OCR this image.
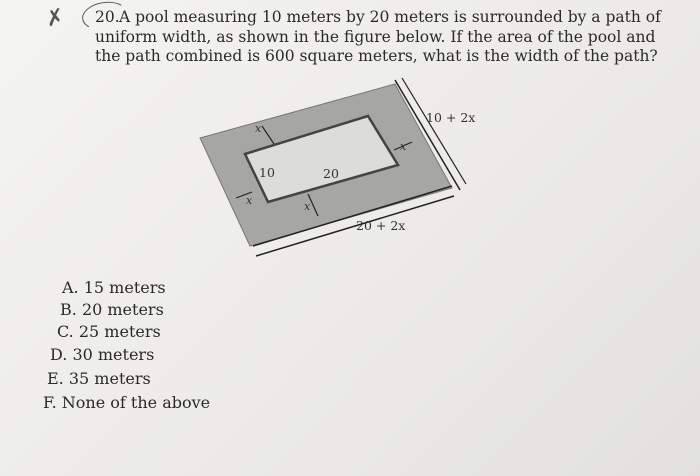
✗ 20.A pool measuring 10 meters by 20 meters is surrounded by a path of uniform width, as shown in the figure below. If the area of the pool and the path combined is 600 square meters, what is the width of the path?

10	20
10 + 2x
20 + 2x
x
x	x
x
A. 15 meters
B. 20 meters
C. 25 meters
D. 30 meters
E. 35 meters
F. None of the above
